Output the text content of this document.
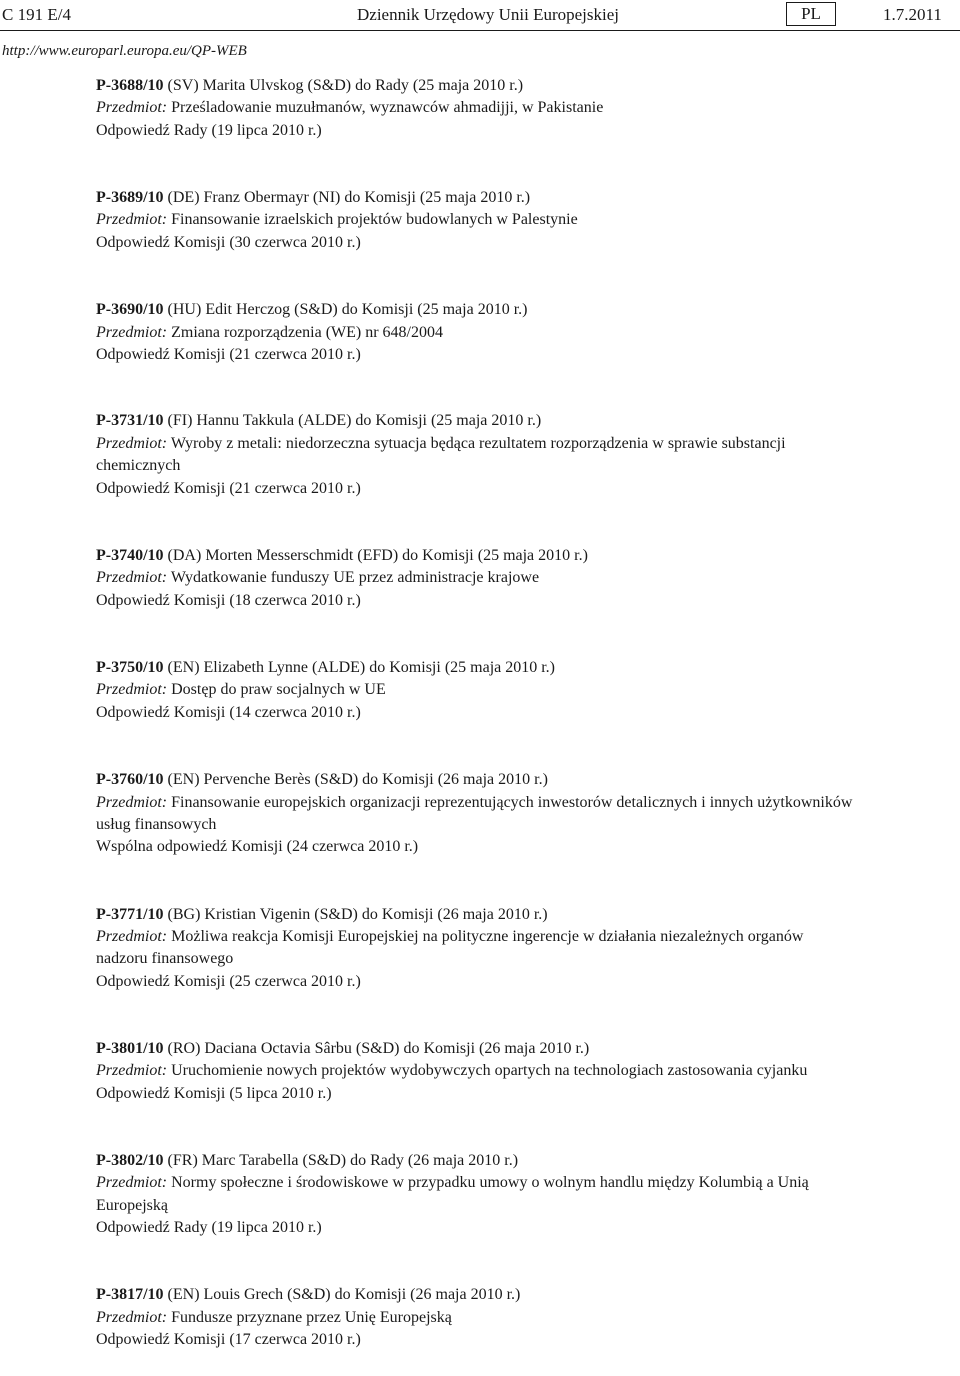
C 191 E/4	Dziennik Urzędowy Unii Europejskiej	PL	1.7.2011
http://www.europarl.europa.eu/QP-WEB

P-3688/10 (SV) Marita Ulvskog (S&D) do Rady (25 maja 2010 r.)

Przedmiot: Prześladowanie muzułmanów, wyznawców ahmadijji, w Pakistanie

Odpowiedź Rady (19 lipca 2010 r.)

P-3689/10 (DE) Franz Obermayr (NI) do Komisji (25 maja 2010 r.)

Przedmiot: Finansowanie izraelskich projektów budowlanych w Palestynie

Odpowiedź Komisji (30 czerwca 2010 r.)

P-3690/10 (HU) Edit Herczog (S&D) do Komisji (25 maja 2010 r.)

Przedmiot: Zmiana rozporządzenia (WE) nr 648/2004

Odpowiedź Komisji (21 czerwca 2010 r.)

P-3731/10 (FI) Hannu Takkula (ALDE) do Komisji (25 maja 2010 r.)

Przedmiot: Wyroby z metali: niedorzeczna sytuacja będąca rezultatem rozporządzenia w sprawie substancji chemicznych

Odpowiedź Komisji (21 czerwca 2010 r.)

P-3740/10 (DA) Morten Messerschmidt (EFD) do Komisji (25 maja 2010 r.)

Przedmiot: Wydatkowanie funduszy UE przez administracje krajowe

Odpowiedź Komisji (18 czerwca 2010 r.)

P-3750/10 (EN) Elizabeth Lynne (ALDE) do Komisji (25 maja 2010 r.)

Przedmiot: Dostęp do praw socjalnych w UE

Odpowiedź Komisji (14 czerwca 2010 r.)

P-3760/10 (EN) Pervenche Berès (S&D) do Komisji (26 maja 2010 r.)

Przedmiot: Finansowanie europejskich organizacji reprezentujących inwestorów detalicznych i innych użytkowników usług finansowych

Wspólna odpowiedź Komisji (24 czerwca 2010 r.)

P-3771/10 (BG) Kristian Vigenin (S&D) do Komisji (26 maja 2010 r.)

Przedmiot: Możliwa reakcja Komisji Europejskiej na polityczne ingerencje w działania niezależnych organów nadzoru finansowego

Odpowiedź Komisji (25 czerwca 2010 r.)

P-3801/10 (RO) Daciana Octavia Sârbu (S&D) do Komisji (26 maja 2010 r.)

Przedmiot: Uruchomienie nowych projektów wydobywczych opartych na technologiach zastosowania cyjanku

Odpowiedź Komisji (5 lipca 2010 r.)

P-3802/10 (FR) Marc Tarabella (S&D) do Rady (26 maja 2010 r.)

Przedmiot: Normy społeczne i środowiskowe w przypadku umowy o wolnym handlu między Kolumbią a Unią Europejską

Odpowiedź Rady (19 lipca 2010 r.)

P-3817/10 (EN) Louis Grech (S&D) do Komisji (26 maja 2010 r.)

Przedmiot: Fundusze przyznane przez Unię Europejską

Odpowiedź Komisji (17 czerwca 2010 r.)
